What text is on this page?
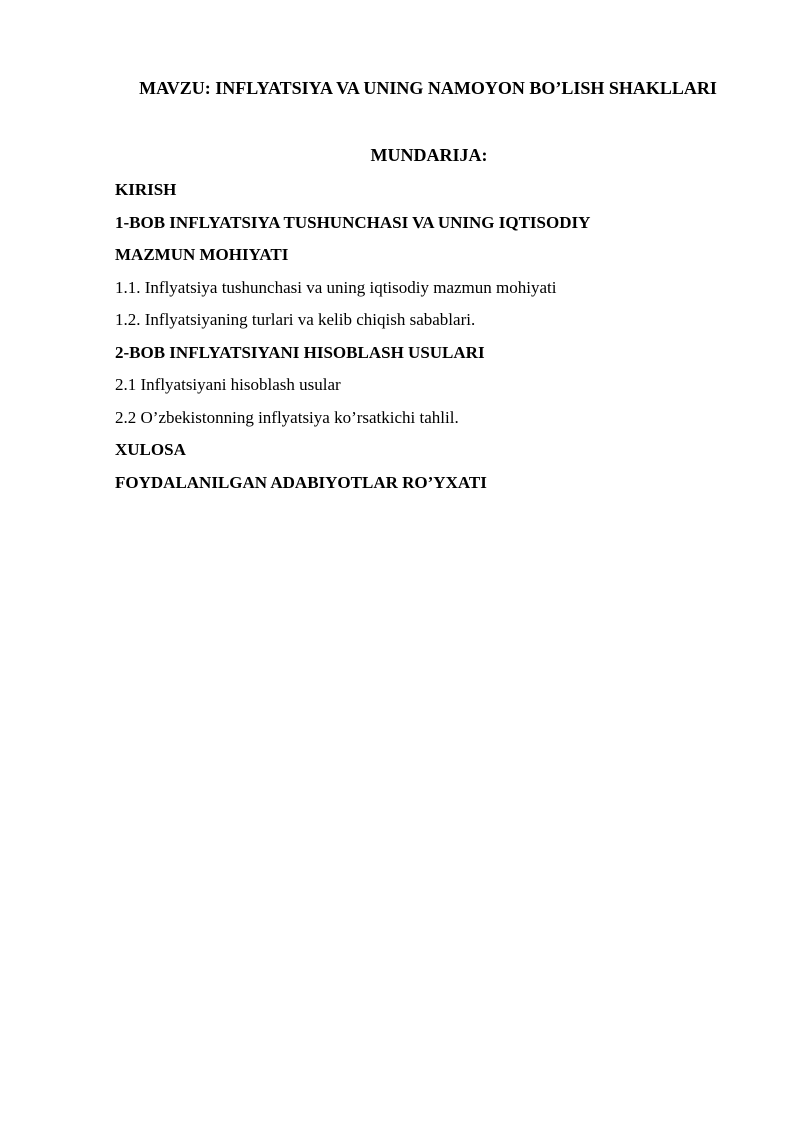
MAVZU: INFLYATSIYA VA UNING NAMOYON BO’LISH SHAKLLARI
MUNDARIJA:
KIRISH
1-BOB INFLYATSIYA TUSHUNCHASI VA UNING IQTISODIY
MAZMUN MOHIYATI
1.1. Inflyatsiya tushunchasi va uning iqtisodiy mazmun mohiyati
1.2. Inflyatsiyaning turlari va kelib chiqish sabablari.
2-BOB INFLYATSIYANI HISOBLASH USULARI
2.1 Inflyatsiyani hisoblash usular
2.2 O’zbekistonning inflyatsiya ko’rsatkichi tahlil.
XULOSA
FOYDALANILGAN ADABIYOTLAR RO’YXATI
